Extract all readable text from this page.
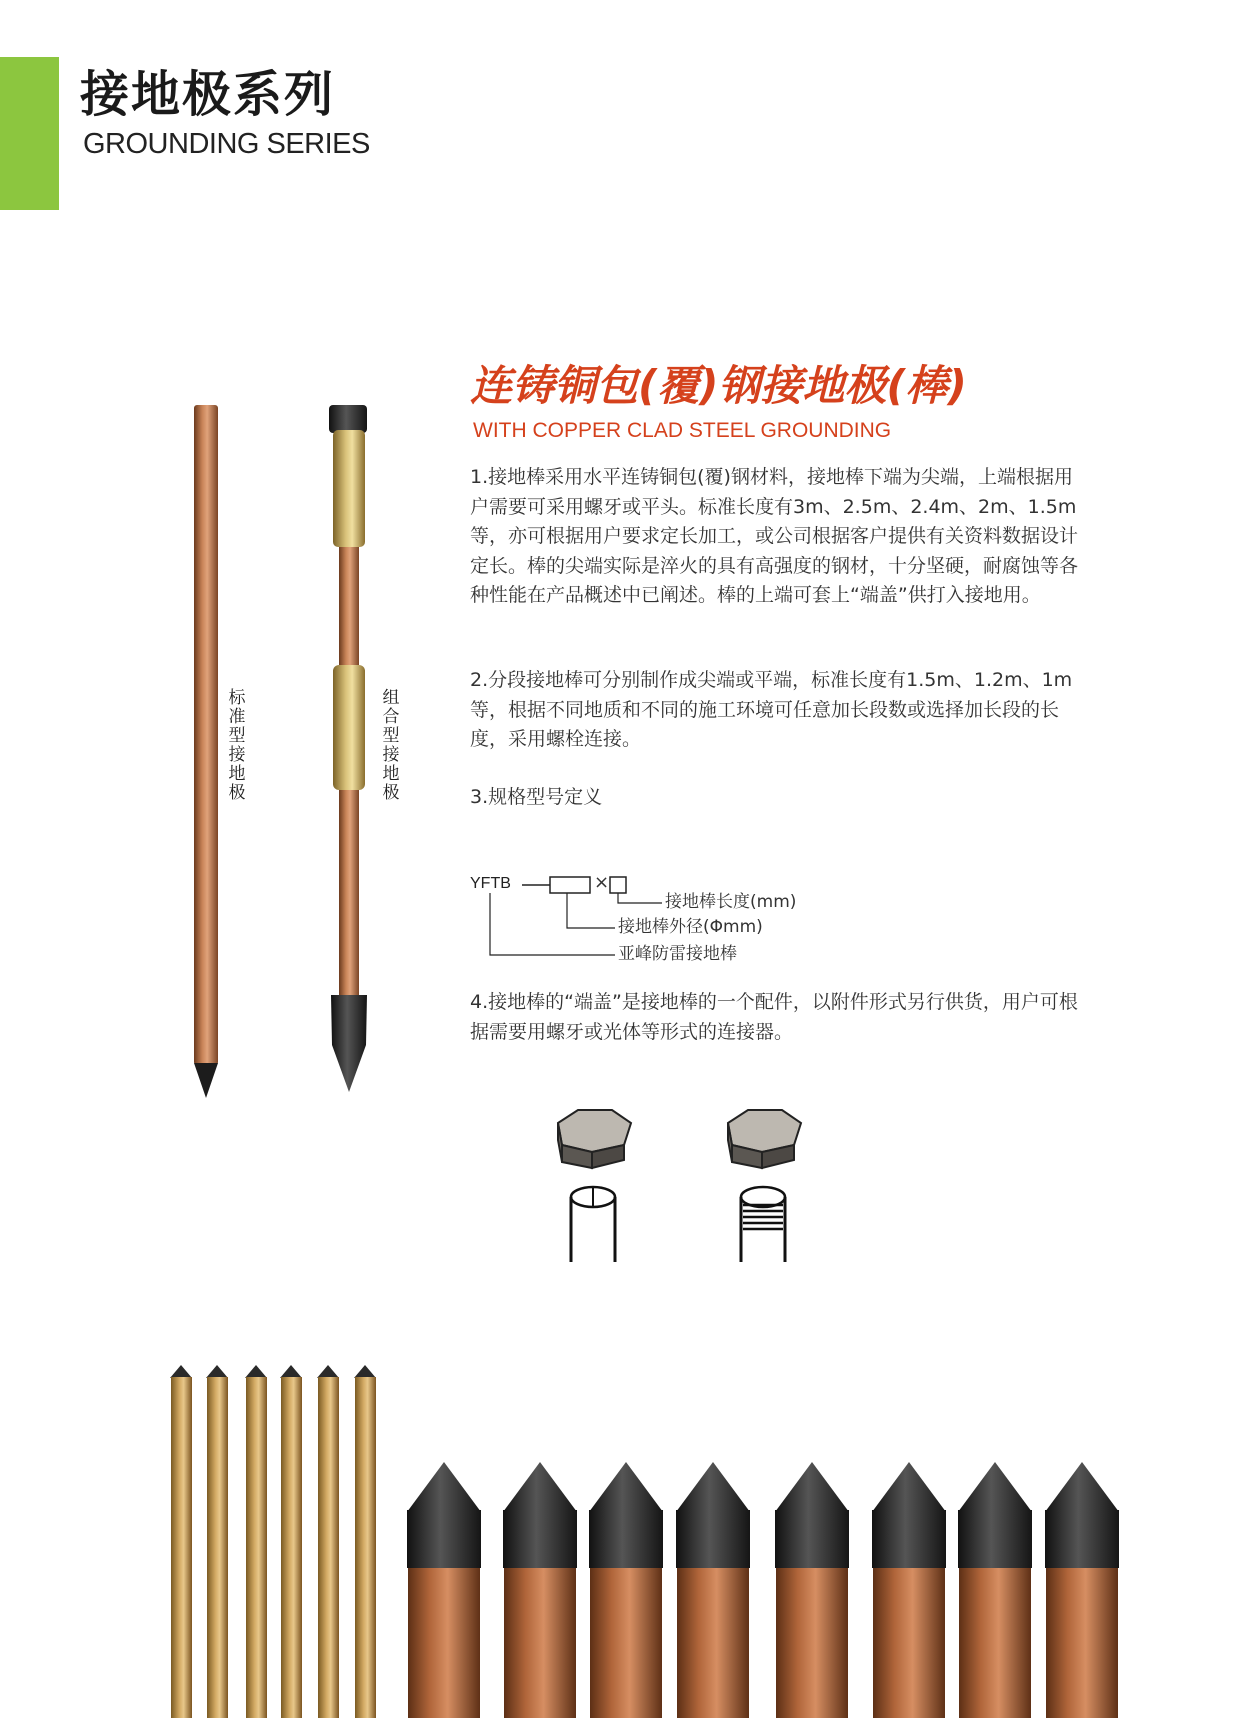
接地极系列
GROUNDING SERIES
连铸铜包(覆)钢接地极(棒)
WITH COPPER CLAD STEEL GROUNDING

1.接地棒采用水平连铸铜包(覆)钢材料，接地棒下端为尖端，上端根据用户需要可采用螺牙或平头。标准长度有3m、2.5m、2.4m、2m、1.5m等，亦可根据用户要求定长加工，或公司根据客户提供有关资料数据设计定长。棒的尖端实际是淬火的具有高强度的钢材，十分坚硬，耐腐蚀等各种性能在产品概述中已阐述。棒的上端可套上“端盖”供打入接地用。

2.分段接地棒可分别制作成尖端或平端，标准长度有1.5m、1.2m、1m等，根据不同地质和不同的施工环境可任意加长段数或选择加长段的长度，采用螺栓连接。

3.规格型号定义

4.接地棒的“端盖”是接地棒的一个配件，以附件形式另行供货，用户可根据需要用螺牙或光体等形式的连接器。

标准型接地极
组合型接地极
YFTB	×
接地棒长度(mm)
接地棒外径(Φmm)
亚峰防雷接地棒
